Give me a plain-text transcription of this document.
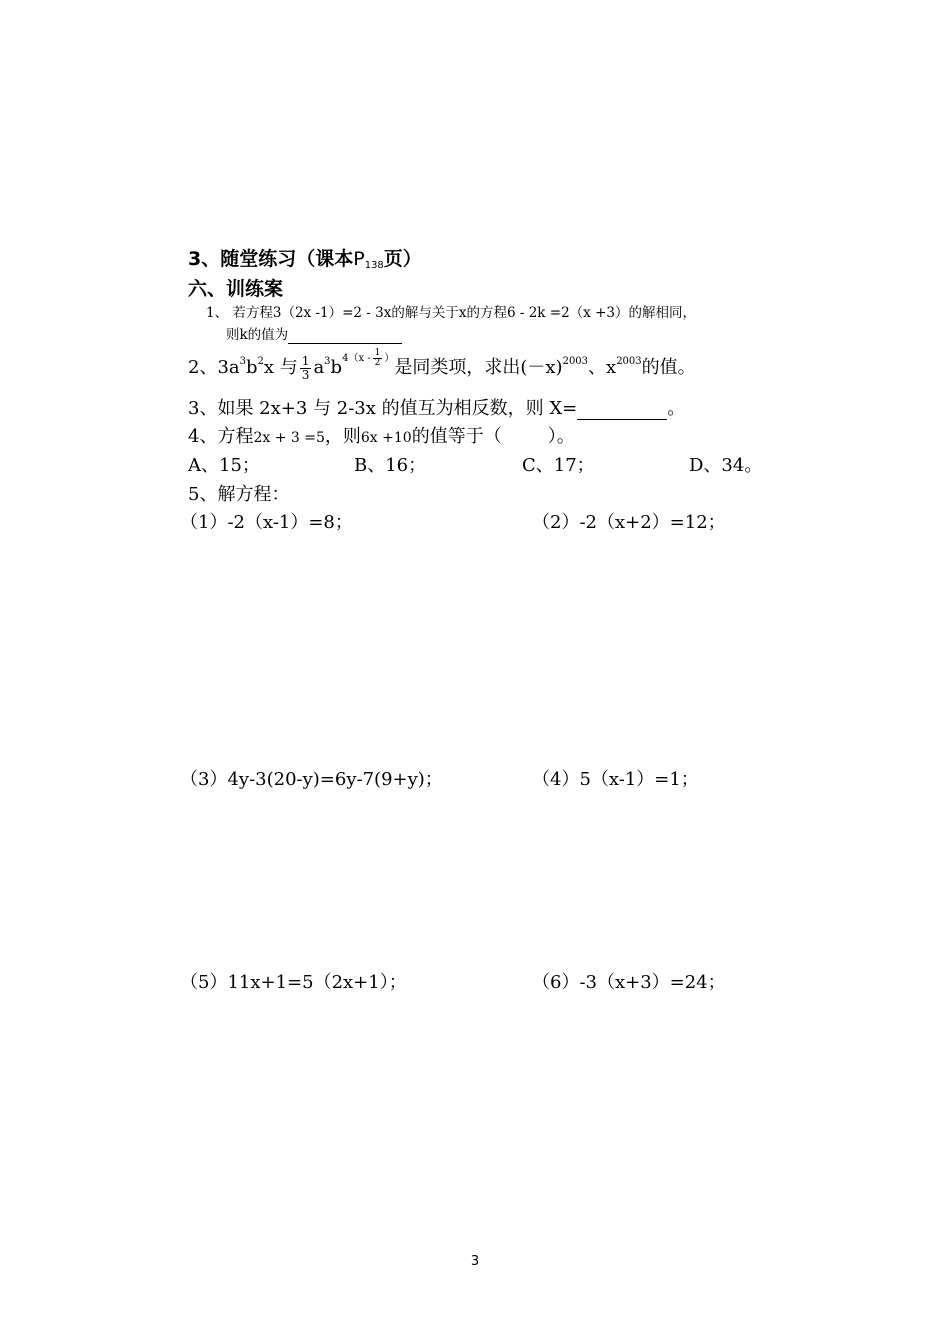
3、随堂练习（课本$P_{138}$页）
六、训练案
1、 若方程3（2x -1）=2 - 3x的解与关于x的方程6 - 2k =2（x +3）的解相同，
则k的值为
2、$3a^3b^2x$ 与 $\frac{1}{3} a^3b^{4(x - \frac{1}{2} )}$是同类项，求出$(-x)^{2003}$、$x^{2003}$的值。
3、如果 2x+3 与 2-3x 的值互为相反数，则 X=	。
4、方程2x + 3 =5，则6x +10的值等于（	）。
A、15；	B、16；	C、17；	D、34。
5、解方程：
（1）-2（x-1）=8；	（2）-2（x+2）=12；
（3）4y-3(20-y)=6y-7(9+y)；	（4）5（x-1）=1；
（5）11x+1=5（2x+1）；	（6）-3（x+3）=24；
3
